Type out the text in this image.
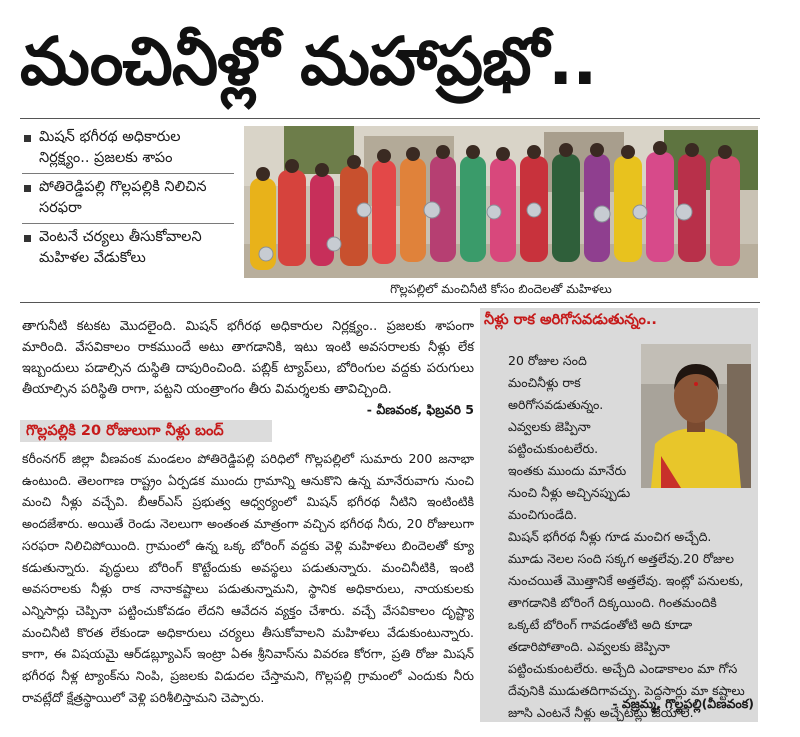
మంచినీళ్లో మహాప్రభో..
మిషన్ భగీరథ అధికారుల నిర్లక్ష్యం.. ప్రజలకు శాపం
పోతిరెడ్డిపల్లి గొల్లపల్లికి నిలిచిన సరఫరా
వెంటనే చర్యలు తీసుకోవాలని మహిళల వేడుకోలు
గొల్లపల్లిలో మంచినీటి కోసం బిందెలతో మహిళలు
తాగునీటి కటకట మొదలైంది. మిషన్ భగీరథ అధికారుల నిర్లక్ష్యం.. ప్రజలకు శాపంగా మారింది. వేసవికాలం రాకముందే అటు తాగడానికి, ఇటు ఇంటి అవసరాలకు నీళ్లు లేక ఇబ్బందులు పడాల్సిన దుస్థితి దాపురించింది. పబ్లిక్ ట్యాప్‌లు, బోరింగుల వద్దకు పరుగులు తీయాల్సిన పరిస్థితి రాగా, పట్టని యంత్రాంగం తీరు విమర్శలకు తావిచ్చింది.
- వీణవంక, ఫిబ్రవరి 5
గొల్లపల్లికి 20 రోజులుగా నీళ్లు బంద్
కరీంనగర్ జిల్లా వీణవంక మండలం పోతిరెడ్డిపల్లి పరిధిలో గొల్లపల్లిలో సుమారు 200 జనాభా ఉంటుంది. తెలంగాణ రాష్ట్రం ఏర్పడక ముందు గ్రామాన్ని ఆనుకొని ఉన్న మానేరువాగు నుంచి మంచి నీళ్లు వచ్చేవి. బీఆర్‌ఎస్ ప్రభుత్వ ఆధ్వర్యంలో మిషన్ భగీరథ నీటిని ఇంటింటికి అందజేశారు. అయితే రెండు నెలలుగా అంతంత మాత్రంగా వచ్చిన భగీరథ నీరు, 20 రోజులుగా సరఫరా నిలిచిపోయింది. గ్రామంలో ఉన్న ఒక్క బోరింగ్ వద్దకు వెళ్లి మహిళలు బిందెలతో క్యూ కడుతున్నారు. వృద్ధులు బోరింగ్ కొట్టేందుకు అవస్థలు పడుతున్నారు. మంచినీటికి, ఇంటి అవసరాలకు నీళ్లు రాక నానాకష్టాలు పడుతున్నామని, స్థానిక అధికారులు, నాయకులకు ఎన్నిసార్లు చెప్పినా పట్టించుకోవడం లేదని ఆవేదన వ్యక్తం చేశారు. వచ్చే వేసవికాలం దృష్ట్యా మంచినీటి కొరత లేకుండా అధికారులు చర్యలు తీసుకోవాలని మహిళలు వేడుకుంటున్నారు. కాగా, ఈ విషయమై ఆర్‌డబ్ల్యూఎస్ ఇంట్రా ఏఈ శ్రీనివాస్‌ను వివరణ కోరగా, ప్రతి రోజు మిషన్ భగీరథ నీళ్ల ట్యాంక్‌ను నింపి, ప్రజలకు విడుదల చేస్తామని, గొల్లపల్లి గ్రామంలో ఎందుకు నీరు రావట్లేదో క్షేత్రస్థాయిలో వెళ్లి పరిశీలిస్తామని చెప్పారు.
నీళ్లు రాక అరిగోసవడుతున్నం..
20 రోజుల సంది మంచినీళ్లు రాక అరిగోసవడుతున్నం. ఎవ్వలకు జెప్పినా పట్టించుకుంటలేరు. ఇంతకు ముందు మానేరు నుంచి నీళ్లు అచ్చినప్పుడు మంచిగుండేది.
మిషన్ భగీరథ నీళ్లు గూడ మంచిగ అచ్చేది. మూడు నెలల సంది సక్కగ అత్తలేవు.20 రోజుల నుంచయితే మొత్తానికే అత్తలేవు. ఇంట్లో పనులకు, తాగడానికి బోరింగే దిక్కయింది. గింతమందికి ఒక్కటే బోరింగ్ గావడంతోటి అది కూడా తడారిపోతాంది. ఎవ్వలకు జెప్పినా పట్టించుకుంటలేరు. అచ్చేది ఎండాకాలం మా గోస దేవునికి ముడుతదిగావచ్చు. పెద్దసార్లు మా కష్టాలు జూసి ఎంటనే నీళ్లు అచ్చేటట్లు జేయాలె.
- వజ్రమ్మ, గొల్లపల్లి(వీణవంక)
